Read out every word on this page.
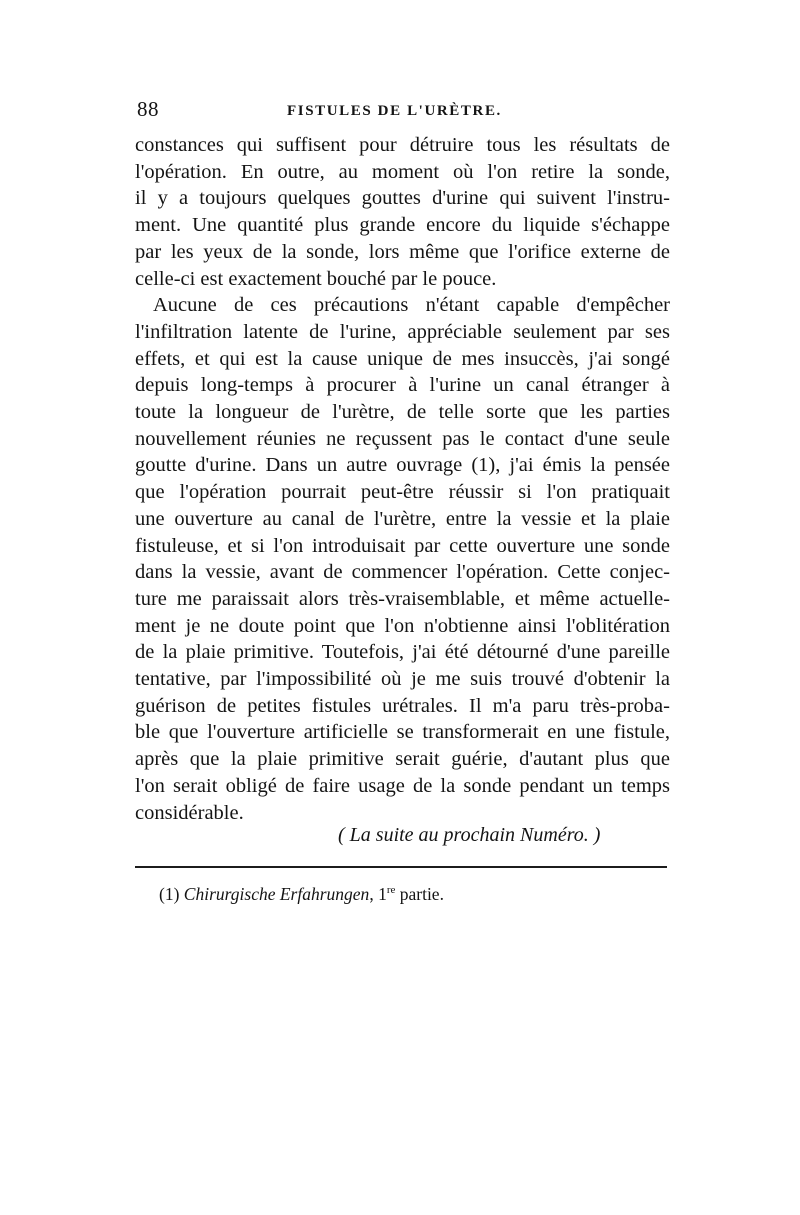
88	FISTULES DE L'URÈTRE.
constances qui suffisent pour détruire tous les résultats de
l'opération. En outre, au moment où l'on retire la sonde,
il y a toujours quelques gouttes d'urine qui suivent l'instru-
ment. Une quantité plus grande encore du liquide s'échappe
par les yeux de la sonde, lors même que l'orifice externe de
celle-ci est exactement bouché par le pouce.
Aucune de ces précautions n'étant capable d'empêcher
l'infiltration latente de l'urine, appréciable seulement par ses
effets, et qui est la cause unique de mes insuccès, j'ai songé
depuis long-temps à procurer à l'urine un canal étranger à
toute la longueur de l'urètre, de telle sorte que les parties
nouvellement réunies ne reçussent pas le contact d'une seule
goutte d'urine. Dans un autre ouvrage (1), j'ai émis la pensée
que l'opération pourrait peut-être réussir si l'on pratiquait
une ouverture au canal de l'urètre, entre la vessie et la plaie
fistuleuse, et si l'on introduisait par cette ouverture une sonde
dans la vessie, avant de commencer l'opération. Cette conjec-
ture me paraissait alors très-vraisemblable, et même actuelle-
ment je ne doute point que l'on n'obtienne ainsi l'oblitération
de la plaie primitive. Toutefois, j'ai été détourné d'une pareille
tentative, par l'impossibilité où je me suis trouvé d'obtenir la
guérison de petites fistules urétrales. Il m'a paru très-proba-
ble que l'ouverture artificielle se transformerait en une fistule,
après que la plaie primitive serait guérie, d'autant plus que
l'on serait obligé de faire usage de la sonde pendant un temps
considérable.
( La suite au prochain Numéro. )
(1) Chirurgische Erfahrungen, 1re partie.
